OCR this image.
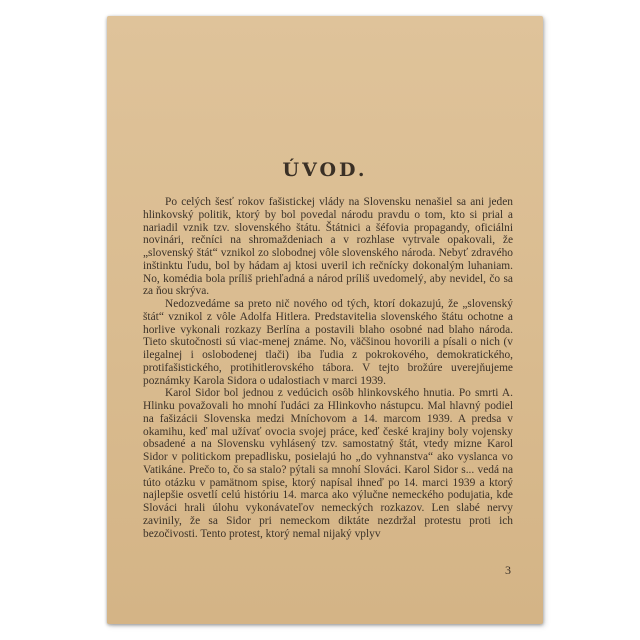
ÚVOD.

Po celých šesť rokov fašistickej vlády na Slovensku nenašiel sa ani jeden hlinkovský politik, ktorý by bol povedal národu pravdu o tom, kto si prial a nariadil vznik tzv. slovenského štátu. Štátnici a šéfovia propagandy, oficiálni novinári, rečníci na shromaždeniach a v rozhlase vytrvale opakovali, že „slovenský štát“ vznikol zo slobodnej vôle slovenského národa. Nebyť zdravého inštinktu ľudu, bol by hádam aj ktosi uveril ich rečnícky dokonalým luhaniam. No, komédia bola príliš priehľadná a národ príliš uvedomelý, aby nevidel, čo sa za ňou skrýva.

Nedozvedáme sa preto nič nového od tých, ktorí dokazujú, že „slovenský štát“ vznikol z vôle Adolfa Hitlera. Predstavitelia slovenského štátu ochotne a horlive vykonali rozkazy Berlína a postavili blaho osobné nad blaho národa. Tieto skutočnosti sú viac-menej známe. No, väčšinou hovorili a písali o nich (v ilegalnej i oslobodenej tlači) iba ľudia z pokrokového, demokratického, protifašistického, protihitlerovského tábora. V tejto brožúre uverejňujeme poznámky Karola Sidora o udalostiach v marci 1939.

Karol Sidor bol jednou z vedúcich osôb hlinkovského hnutia. Po smrti A. Hlinku považovali ho mnohí ľudáci za Hlinkovho nástupcu. Mal hlavný podiel na fašizácii Slovenska medzi Mníchovom a 14. marcom 1939. A predsa v okamihu, keď mal užívať ovocia svojej práce, keď české krajiny boly vojensky obsadené a na Slovensku vyhlásený tzv. samostatný štát, vtedy mizne Karol Sidor v politickom prepadlisku, posielajú ho „do vyhnanstva“ ako vyslanca vo Vatikáne. Prečo to, čo sa stalo? pýtali sa mnohí Slováci. Karol Sidor s... vedá na túto otázku v pamätnom spise, ktorý napísal ihneď po 14. marci 1939 a ktorý najlepšie osvetlí celú históriu 14. marca ako výlučne nemeckého podujatia, kde Slováci hrali úlohu vykonávateľov nemeckých rozkazov. Len slabé nervy zavinily, že sa Sidor pri nemeckom diktáte nezdržal protestu proti ich bezočivosti. Tento protest, ktorý nemal nijaký vplyv

3
